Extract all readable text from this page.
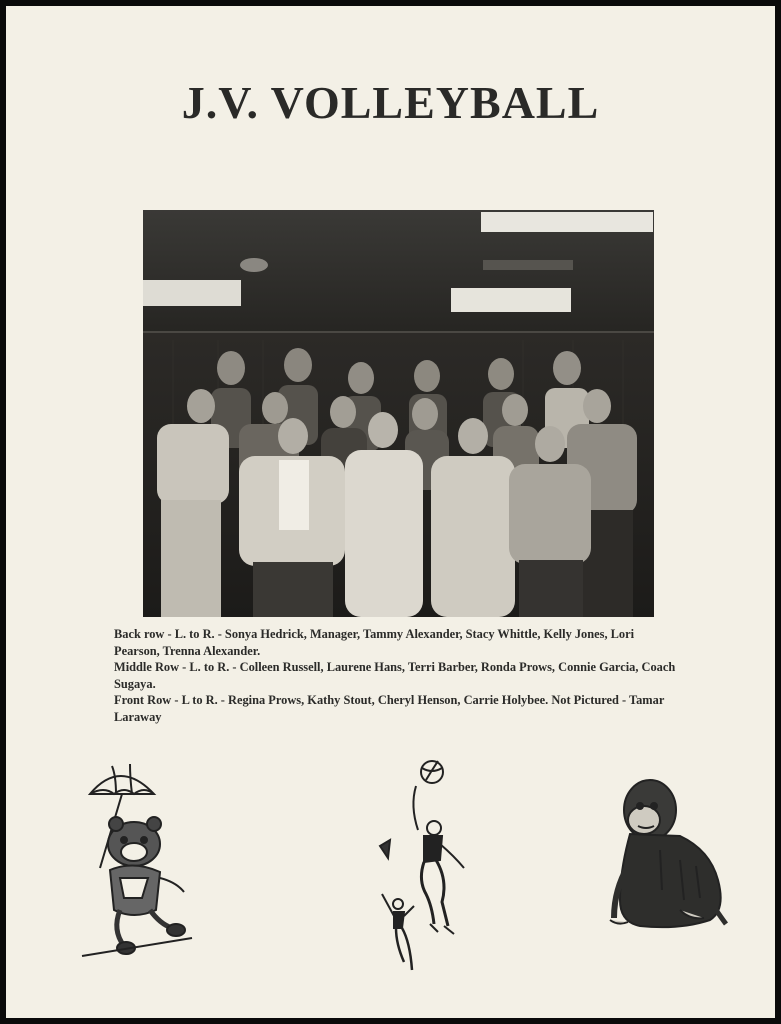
J.V. VOLLEYBALL

Back row - L. to R. - Sonya Hedrick, Manager, Tammy Alexander, Stacy Whittle, Kelly Jones, Lori Pearson, Trenna Alexander.

Middle Row - L. to R. - Colleen Russell, Laurene Hans, Terri Barber, Ronda Prows, Connie Garcia, Coach Sugaya.

Front Row - L to R. - Regina Prows, Kathy Stout, Cheryl Henson, Carrie Holybee. Not Pictured - Tamar Laraway
